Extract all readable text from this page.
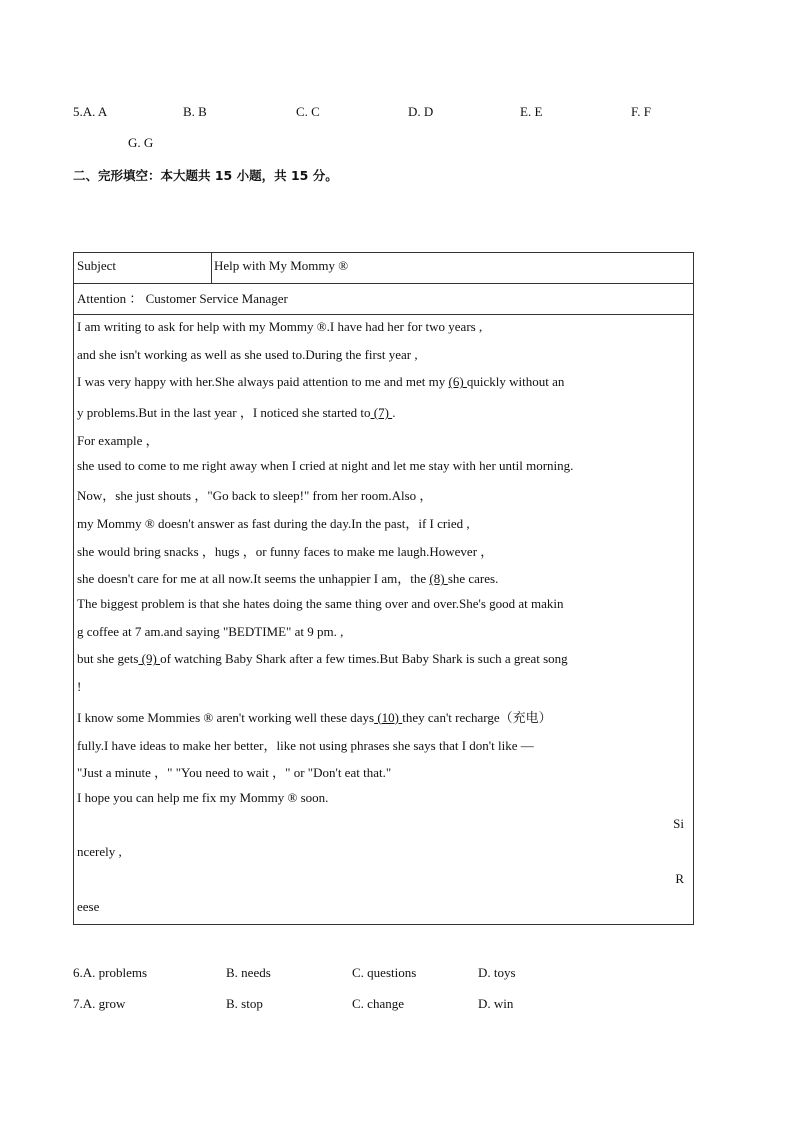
5.A. A	B. B	C. C	D. D	E. E	F. F
G. G
二、完形填空：本大题共 15 小题，共 15 分。
Subject	Help with My Mommy ®
Attention ： Customer Service Manager
I am writing to ask for help with my Mommy ®.I have had her for two years ,
and she isn't working as well as she used to.During the first year ,
I was very happy with her.She always paid attention to me and met my (6) quickly without an
y problems.But in the last year ，I noticed she started to (7) .
For example ，
she used to come to me right away when I cried at night and let me stay with her until morning.
Now，she just shouts ，"Go back to sleep!" from her room.Also ，
my Mommy ® doesn't answer as fast during the day.In the past，if I cried ,
she would bring snacks ，hugs ，or funny faces to make me laugh.However ，
she doesn't care for me at all now.It seems the unhappier I am，the (8) she cares.
The biggest problem is that she hates doing the same thing over and over.She's good at makin
g coffee at 7 am.and saying "BEDTIME" at 9 pm. ,
but she gets (9) of watching Baby Shark after a few times.But Baby Shark is such a great song
!
I know some Mommies ® aren't working well these days (10) they can't recharge（充电）
fully.I have ideas to make her better，like not using phrases she says that I don't like —
"Just a minute ，" "You need to wait ，" or "Don't eat that."
I hope you can help me fix my Mommy ® soon.
Si
ncerely ,
R
eese
6.A. problems	B. needs	C. questions	D. toys
7.A. grow	B. stop	C. change	D. win
